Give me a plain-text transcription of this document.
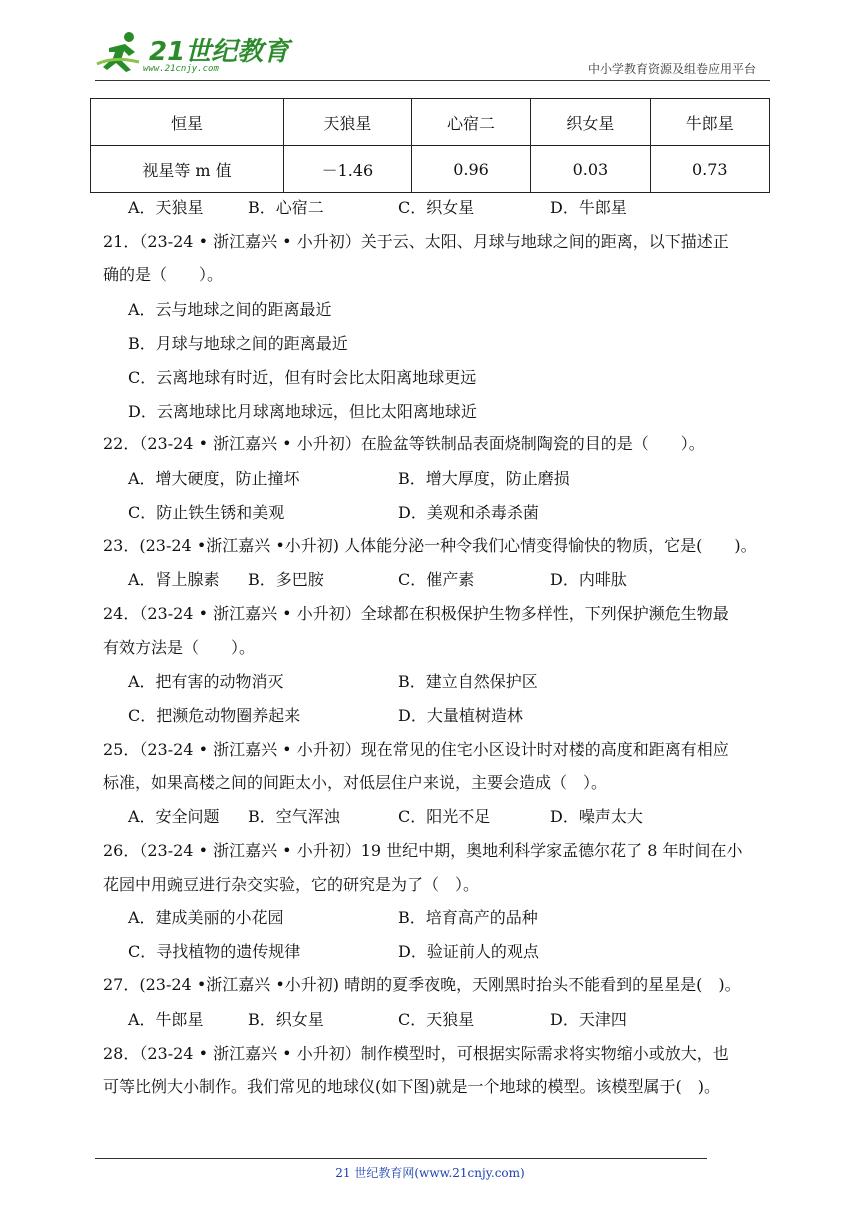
21世纪教育
www.21cnjy.com	中小学教育资源及组卷应用平台
恒星	天狼星	心宿二	织女星	牛郎星
视星等 m 值	－1.46	0.96	0.03	0.73
A．天狼星	B．心宿二	C．织女星	D．牛郎星
21．（23-24 • 浙江嘉兴 • 小升初）关于云、太阳、月球与地球之间的距离，以下描述正
确的是（　　）。
A．云与地球之间的距离最近
B．月球与地球之间的距离最近
C．云离地球有时近，但有时会比太阳离地球更远
D．云离地球比月球离地球远，但比太阳离地球近
22．（23-24 • 浙江嘉兴 • 小升初）在脸盆等铁制品表面烧制陶瓷的目的是（　　）。
A．增大硬度，防止撞坏	B．增大厚度，防止磨损
C．防止铁生锈和美观	D．美观和杀毒杀菌
23．(23-24 •浙江嘉兴 •小升初) 人体能分泌一种令我们心情变得愉快的物质，它是(　　)。
A．肾上腺素 B．多巴胺	C．催产素	D．内啡肽
24．（23-24 • 浙江嘉兴 • 小升初）全球都在积极保护生物多样性，下列保护濒危生物最
有效方法是（　　）。
A．把有害的动物消灭	B．建立自然保护区
C．把濒危动物圈养起来	D．大量植树造林
25．（23-24 • 浙江嘉兴 • 小升初）现在常见的住宅小区设计时对楼的高度和距离有相应
标准，如果高楼之间的间距太小，对低层住户来说，主要会造成（　）。
A．安全问题 B．空气浑浊	C．阳光不足	D．噪声太大
26．（23-24 • 浙江嘉兴 • 小升初）19 世纪中期，奥地利科学家孟德尔花了 8 年时间在小
花园中用豌豆进行杂交实验，它的研究是为了（　）。
A．建成美丽的小花园	B．培育高产的品种
C．寻找植物的遗传规律	D．验证前人的观点
27．(23-24 •浙江嘉兴 •小升初) 晴朗的夏季夜晚，天刚黑时抬头不能看到的星星是(　)。
A．牛郎星	B．织女星	C．天狼星	D．天津四
28．（23-24 • 浙江嘉兴 • 小升初）制作模型时，可根据实际需求将实物缩小或放大，也
可等比例大小制作。我们常见的地球仪(如下图)就是一个地球的模型。该模型属于(　)。
21 世纪教育网(www.21cnjy.com)
